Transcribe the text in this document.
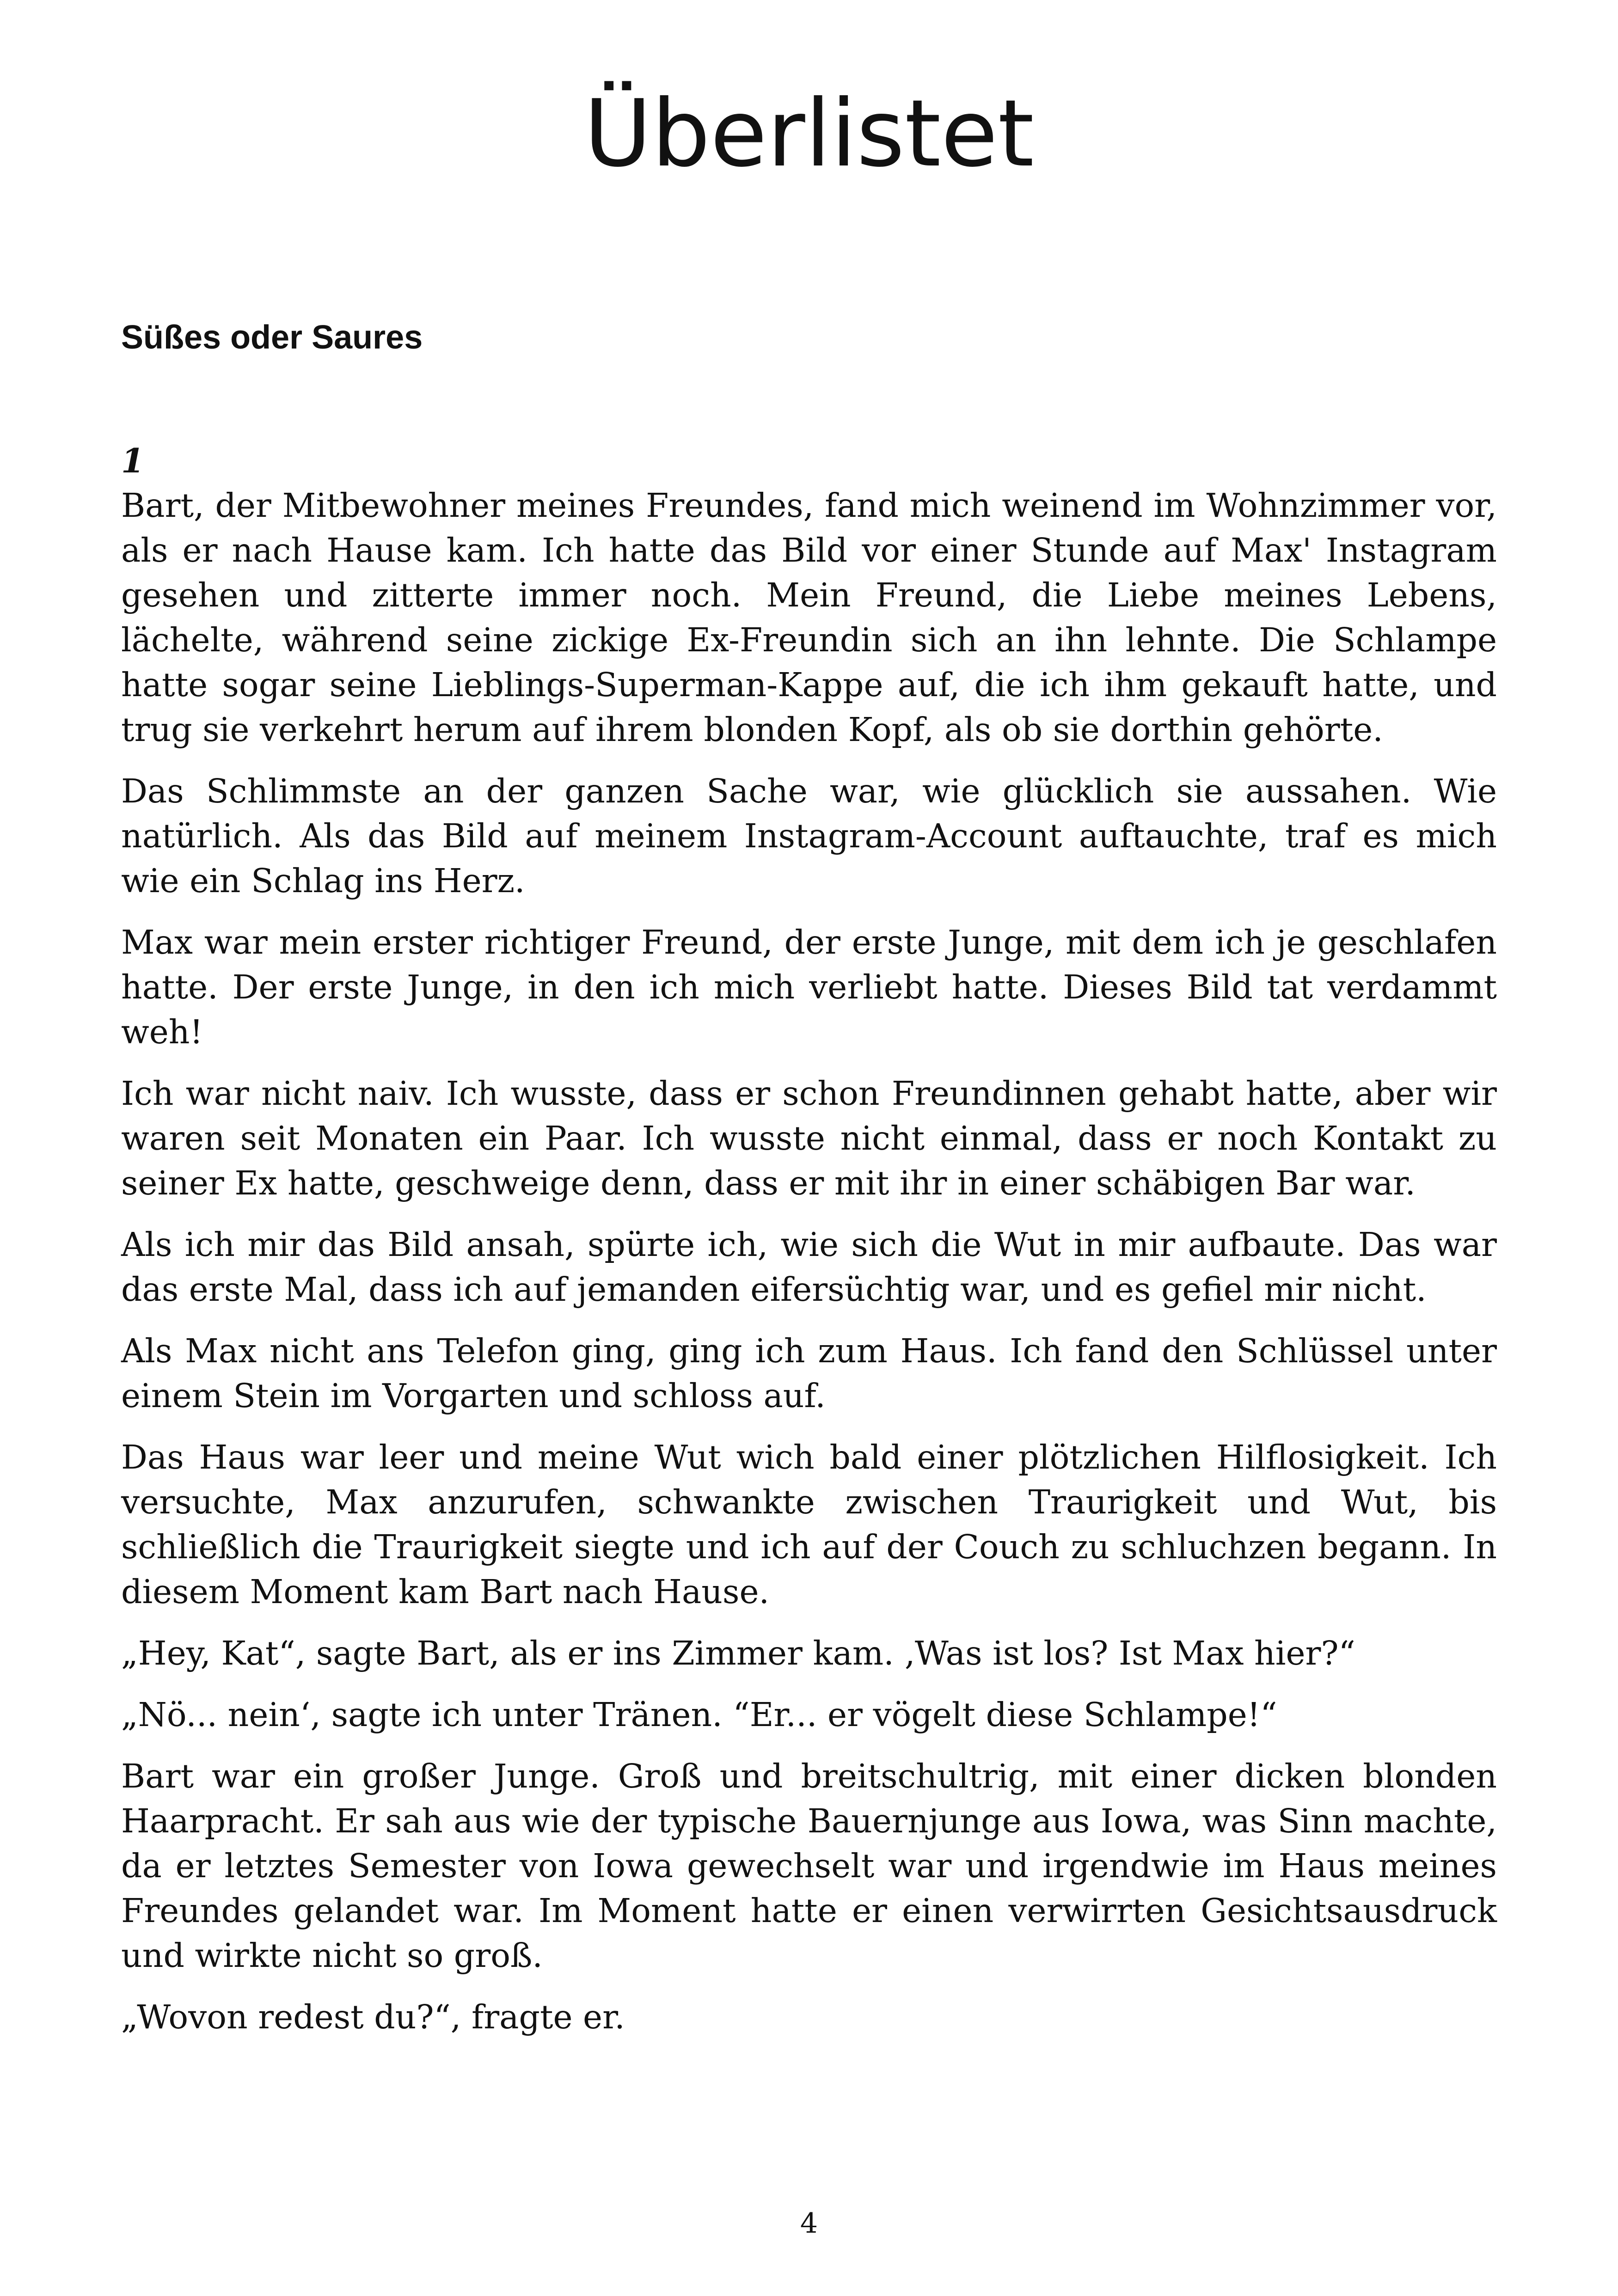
Überlistet
Süßes oder Saures

1

Bart, der Mitbewohner meines Freundes, fand mich weinend im Wohnzimmer vor, als er nach Hause kam. Ich hatte das Bild vor einer Stunde auf Max' Instagram gesehen und zitterte immer noch. Mein Freund, die Liebe meines Lebens, lächelte, während seine zickige Ex-Freundin sich an ihn lehnte. Die Schlampe hatte sogar seine Lieblings-Superman-Kappe auf, die ich ihm gekauft hatte, und trug sie verkehrt herum auf ihrem blonden Kopf, als ob sie dorthin gehörte.

Das Schlimmste an der ganzen Sache war, wie glücklich sie aussahen. Wie natürlich. Als das Bild auf meinem Instagram-Account auftauchte, traf es mich wie ein Schlag ins Herz.

Max war mein erster richtiger Freund, der erste Junge, mit dem ich je geschlafen hatte. Der erste Junge, in den ich mich verliebt hatte. Dieses Bild tat verdammt weh!

Ich war nicht naiv. Ich wusste, dass er schon Freundinnen gehabt hatte, aber wir waren seit Monaten ein Paar. Ich wusste nicht einmal, dass er noch Kontakt zu seiner Ex hatte, geschweige denn, dass er mit ihr in einer schäbigen Bar war.

Als ich mir das Bild ansah, spürte ich, wie sich die Wut in mir aufbaute. Das war das erste Mal, dass ich auf jemanden eifersüchtig war, und es gefiel mir nicht.

Als Max nicht ans Telefon ging, ging ich zum Haus. Ich fand den Schlüssel unter einem Stein im Vorgarten und schloss auf.

Das Haus war leer und meine Wut wich bald einer plötzlichen Hilflosigkeit. Ich versuchte, Max anzurufen, schwankte zwischen Traurigkeit und Wut, bis schließlich die Traurigkeit siegte und ich auf der Couch zu schluchzen begann. In diesem Moment kam Bart nach Hause.

„Hey, Kat“, sagte Bart, als er ins Zimmer kam. ‚Was ist los? Ist Max hier?“

„Nö... nein‘, sagte ich unter Tränen. “Er... er vögelt diese Schlampe!“

Bart war ein großer Junge. Groß und breitschultrig, mit einer dicken blonden Haarpracht. Er sah aus wie der typische Bauernjunge aus Iowa, was Sinn machte, da er letztes Semester von Iowa gewechselt war und irgendwie im Haus meines Freundes gelandet war. Im Moment hatte er einen verwirrten Gesichtsausdruck und wirkte nicht so groß.

„Wovon redest du?“, fragte er.

4
